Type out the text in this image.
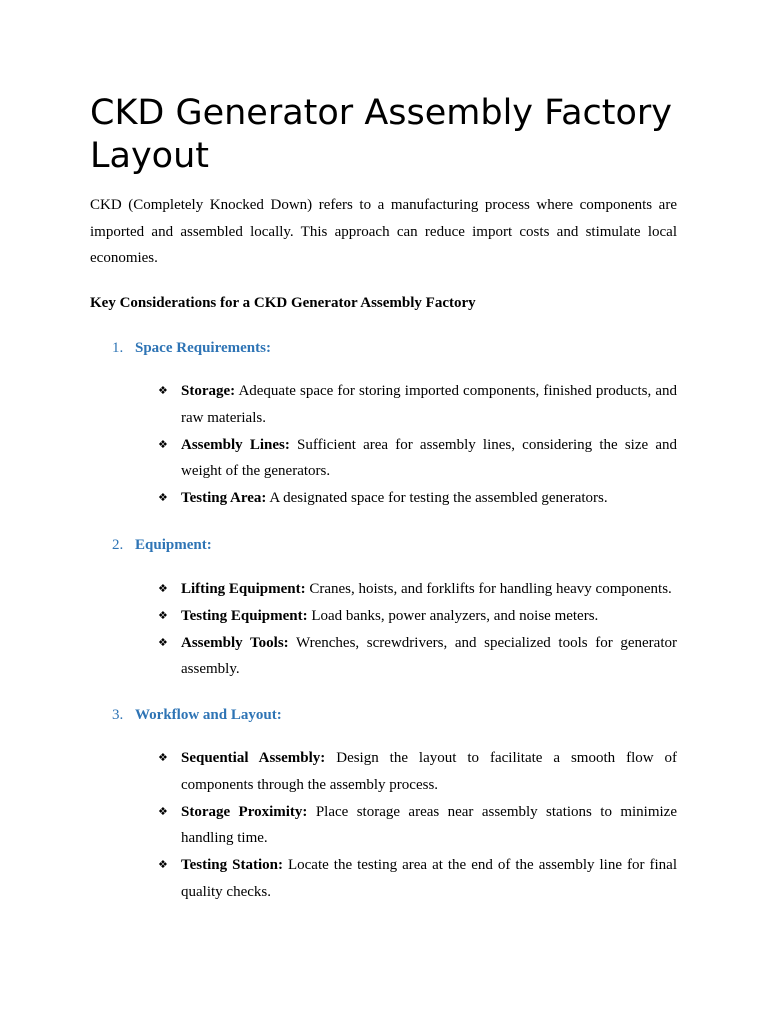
CKD Generator Assembly Factory Layout

CKD (Completely Knocked Down) refers to a manufacturing process where components are imported and assembled locally. This approach can reduce import costs and stimulate local economies.

Key Considerations for a CKD Generator Assembly Factory

1. Space Requirements:

❖ Storage: Adequate space for storing imported components, finished products, and raw materials.
❖ Assembly Lines: Sufficient area for assembly lines, considering the size and weight of the generators.
❖ Testing Area: A designated space for testing the assembled generators.

2. Equipment:

❖ Lifting Equipment: Cranes, hoists, and forklifts for handling heavy components.
❖ Testing Equipment: Load banks, power analyzers, and noise meters.
❖ Assembly Tools: Wrenches, screwdrivers, and specialized tools for generator assembly.

3. Workflow and Layout:

❖ Sequential Assembly: Design the layout to facilitate a smooth flow of components through the assembly process.
❖ Storage Proximity: Place storage areas near assembly stations to minimize handling time.
❖ Testing Station: Locate the testing area at the end of the assembly line for final quality checks.
